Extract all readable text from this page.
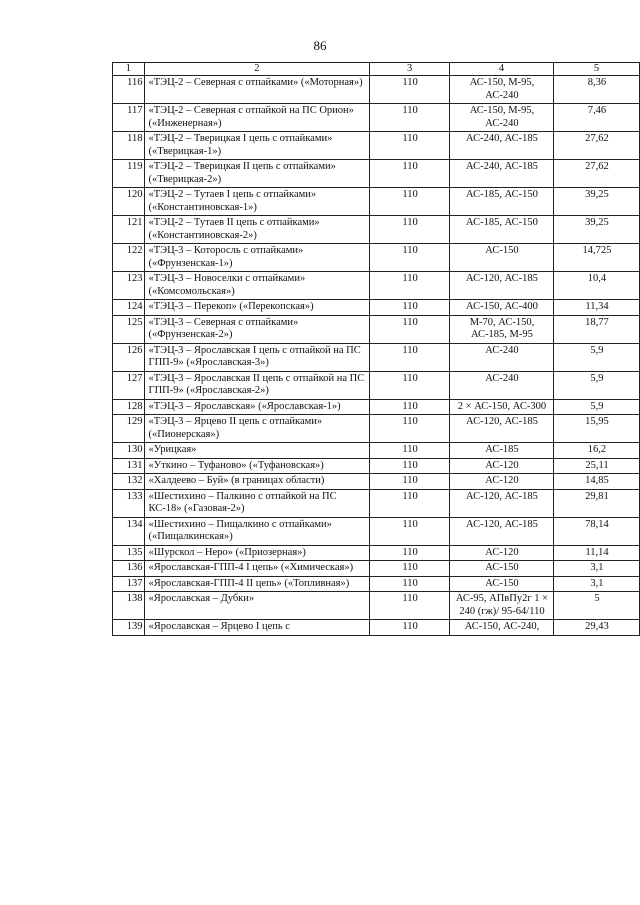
86
1	2	3	4	5
116	«ТЭЦ-2 – Северная с отпайками» («Моторная»)	110	АС-150, М-95, АС-240	8,36
117	«ТЭЦ-2 – Северная с отпайкой на ПС Орион» («Инженерная»)	110	АС-150, М-95, АС-240	7,46
118	«ТЭЦ-2 – Тверицкая I цепь с отпайками» («Тверицкая-1»)	110	АС-240, АС-185	27,62
119	«ТЭЦ-2 – Тверицкая II цепь с отпайками» («Тверицкая-2»)	110	АС-240, АС-185	27,62
120	«ТЭЦ-2 – Тутаев I цепь с отпайками» («Константиновская-1»)	110	АС-185, АС-150	39,25
121	«ТЭЦ-2 – Тутаев II цепь с отпайками» («Константиновская-2»)	110	АС-185, АС-150	39,25
122	«ТЭЦ-3 – Которосль с отпайками» («Фрунзенская-1»)	110	АС-150	14,725
123	«ТЭЦ-3 – Новоселки с отпайками» («Комсомольская»)	110	АС-120, АС-185	10,4
124	«ТЭЦ-3 – Перекоп» («Перекопская»)	110	АС-150, АС-400	11,34
125	«ТЭЦ-3 – Северная с отпайками» («Фрунзенская-2»)	110	М-70, АС-150, АС-185, М-95	18,77
126	«ТЭЦ-3 – Ярославская I цепь с отпайкой на ПС ГПП-9» («Ярославская-3»)	110	АС-240	5,9
127	«ТЭЦ-3 – Ярославская II цепь с отпайкой на ПС ГПП-9» («Ярославская-2»)	110	АС-240	5,9
128	«ТЭЦ-3 – Ярославская» («Ярославская-1»)	110	2 × АС-150, АС-300	5,9
129	«ТЭЦ-3 – Ярцево II цепь с отпайками» («Пионерская»)	110	АС-120, АС-185	15,95
130	«Урицкая»	110	АС-185	16,2
131	«Уткино – Туфаново» («Туфановская»)	110	АС-120	25,11
132	«Халдеево – Буй» (в границах области)	110	АС-120	14,85
133	«Шестихино – Палкино с отпайкой на ПС КС-18» («Газовая-2»)	110	АС-120, АС-185	29,81
134	«Шестихино – Пищалкино с отпайками» («Пищалкинская»)	110	АС-120, АС-185	78,14
135	«Шурскол – Неро» («Приозерная»)	110	АС-120	11,14
136	«Ярославская-ГПП-4 I цепь» («Химическая»)	110	АС-150	3,1
137	«Ярославская-ГПП-4 II цепь» («Топливная»)	110	АС-150	3,1
138	«Ярославская – Дубки»	110	АС-95, АПвПу2г 1 × 240 (гж)/ 95-64/110	5
139	«Ярославская – Ярцево I цепь с	110	АС-150, АС-240,	29,43
